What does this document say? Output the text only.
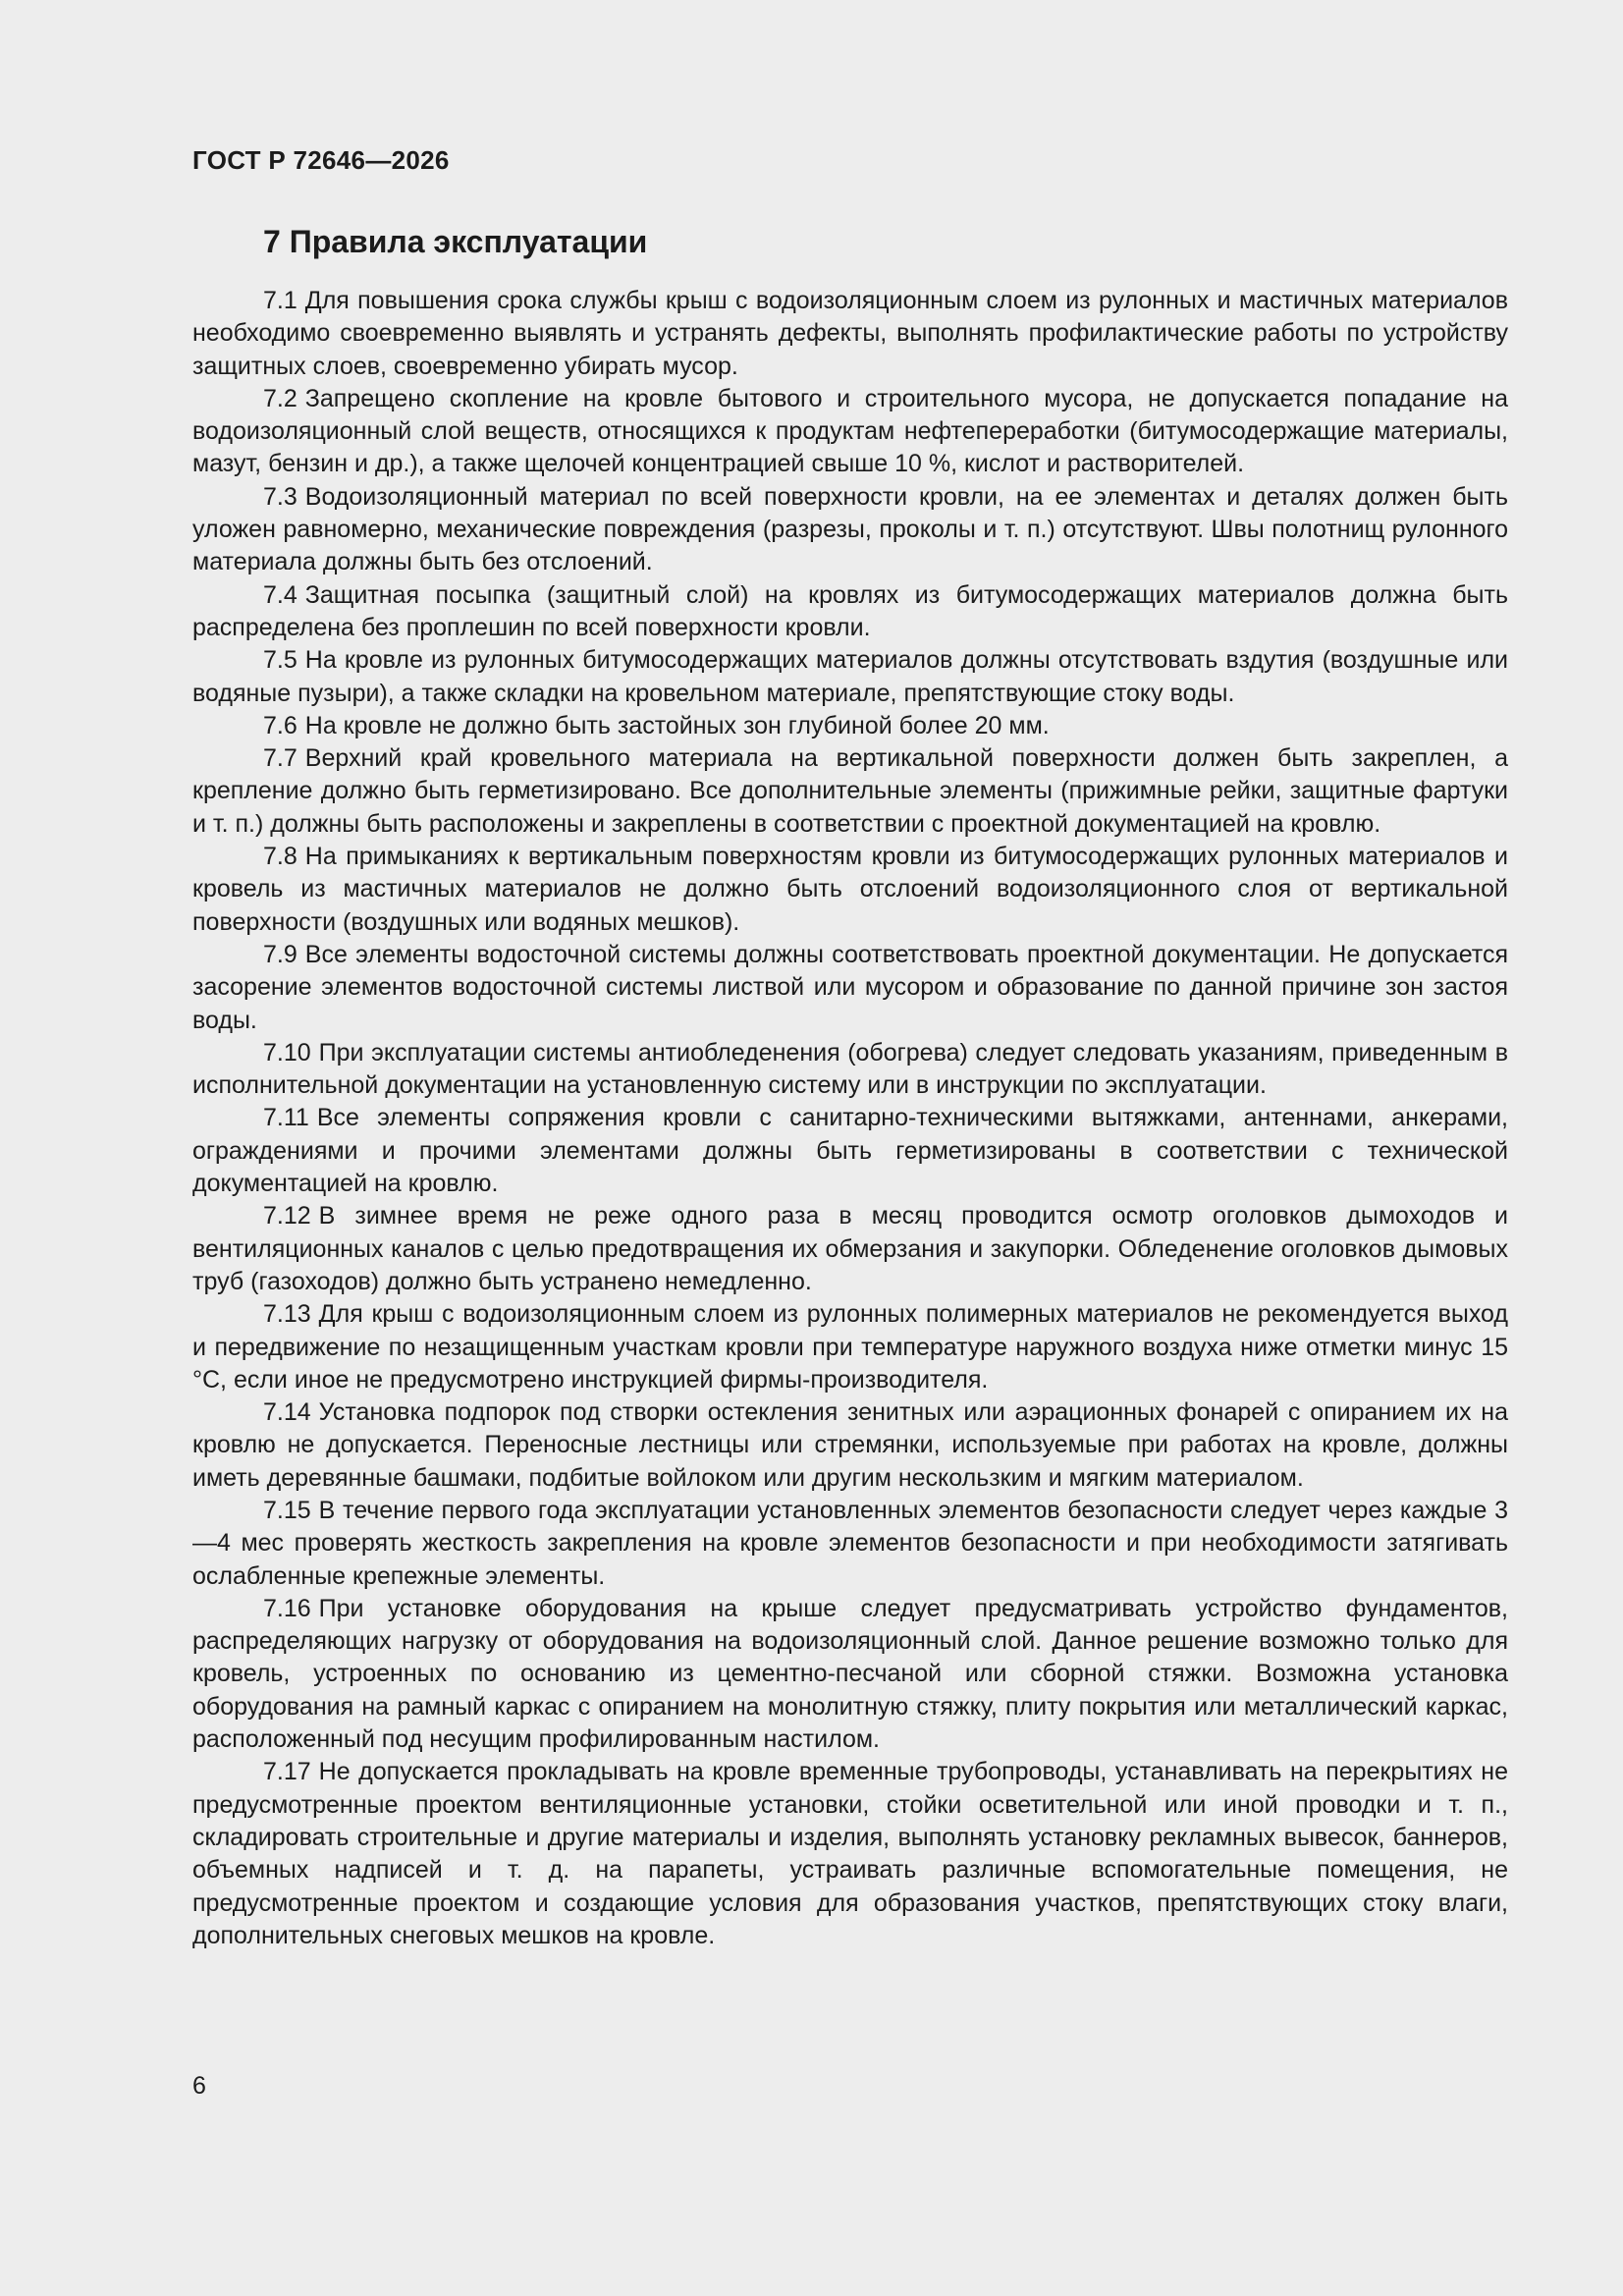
ГОСТ Р 72646—2026
7 Правила эксплуатации

7.1 Для повышения срока службы крыш с водоизоляционным слоем из рулонных и мастичных материалов необходимо своевременно выявлять и устранять дефекты, выполнять профилактические работы по устройству защитных слоев, своевременно убирать мусор.

7.2 Запрещено скопление на кровле бытового и строительного мусора, не допускается попадание на водоизоляционный слой веществ, относящихся к продуктам нефтепереработки (битумосодержащие материалы, мазут, бензин и др.), а также щелочей концентрацией свыше 10 %, кислот и растворителей.

7.3 Водоизоляционный материал по всей поверхности кровли, на ее элементах и деталях должен быть уложен равномерно, механические повреждения (разрезы, проколы и т. п.) отсутствуют. Швы полотнищ рулонного материала должны быть без отслоений.

7.4 Защитная посыпка (защитный слой) на кровлях из битумосодержащих материалов должна быть распределена без проплешин по всей поверхности кровли.

7.5 На кровле из рулонных битумосодержащих материалов должны отсутствовать вздутия (воздушные или водяные пузыри), а также складки на кровельном материале, препятствующие стоку воды.

7.6 На кровле не должно быть застойных зон глубиной более 20 мм.

7.7 Верхний край кровельного материала на вертикальной поверхности должен быть закреплен, а крепление должно быть герметизировано. Все дополнительные элементы (прижимные рейки, защитные фартуки и т. п.) должны быть расположены и закреплены в соответствии с проектной документацией на кровлю.

7.8 На примыканиях к вертикальным поверхностям кровли из битумосодержащих рулонных материалов и кровель из мастичных материалов не должно быть отслоений водоизоляционного слоя от вертикальной поверхности (воздушных или водяных мешков).

7.9 Все элементы водосточной системы должны соответствовать проектной документации. Не допускается засорение элементов водосточной системы листвой или мусором и образование по данной причине зон застоя воды.

7.10 При эксплуатации системы антиобледенения (обогрева) следует следовать указаниям, приведенным в исполнительной документации на установленную систему или в инструкции по эксплуатации.

7.11 Все элементы сопряжения кровли с санитарно-техническими вытяжками, антеннами, анкерами, ограждениями и прочими элементами должны быть герметизированы в соответствии с технической документацией на кровлю.

7.12 В зимнее время не реже одного раза в месяц проводится осмотр оголовков дымоходов и вентиляционных каналов с целью предотвращения их обмерзания и закупорки. Обледенение оголовков дымовых труб (газоходов) должно быть устранено немедленно.

7.13 Для крыш с водоизоляционным слоем из рулонных полимерных материалов не рекомендуется выход и передвижение по незащищенным участкам кровли при температуре наружного воздуха ниже отметки минус 15 °C, если иное не предусмотрено инструкцией фирмы-производителя.

7.14 Установка подпорок под створки остекления зенитных или аэрационных фонарей с опиранием их на кровлю не допускается. Переносные лестницы или стремянки, используемые при работах на кровле, должны иметь деревянные башмаки, подбитые войлоком или другим нескользким и мягким материалом.

7.15 В течение первого года эксплуатации установленных элементов безопасности следует через каждые 3—4 мес проверять жесткость закрепления на кровле элементов безопасности и при необходимости затягивать ослабленные крепежные элементы.

7.16 При установке оборудования на крыше следует предусматривать устройство фундаментов, распределяющих нагрузку от оборудования на водоизоляционный слой. Данное решение возможно только для кровель, устроенных по основанию из цементно-песчаной или сборной стяжки. Возможна установка оборудования на рамный каркас с опиранием на монолитную стяжку, плиту покрытия или металлический каркас, расположенный под несущим профилированным настилом.

7.17 Не допускается прокладывать на кровле временные трубопроводы, устанавливать на перекрытиях не предусмотренные проектом вентиляционные установки, стойки осветительной или иной проводки и т. п., складировать строительные и другие материалы и изделия, выполнять установку рекламных вывесок, баннеров, объемных надписей и т. д. на парапеты, устраивать различные вспомогательные помещения, не предусмотренные проектом и создающие условия для образования участков, препятствующих стоку влаги, дополнительных снеговых мешков на кровле.

6
